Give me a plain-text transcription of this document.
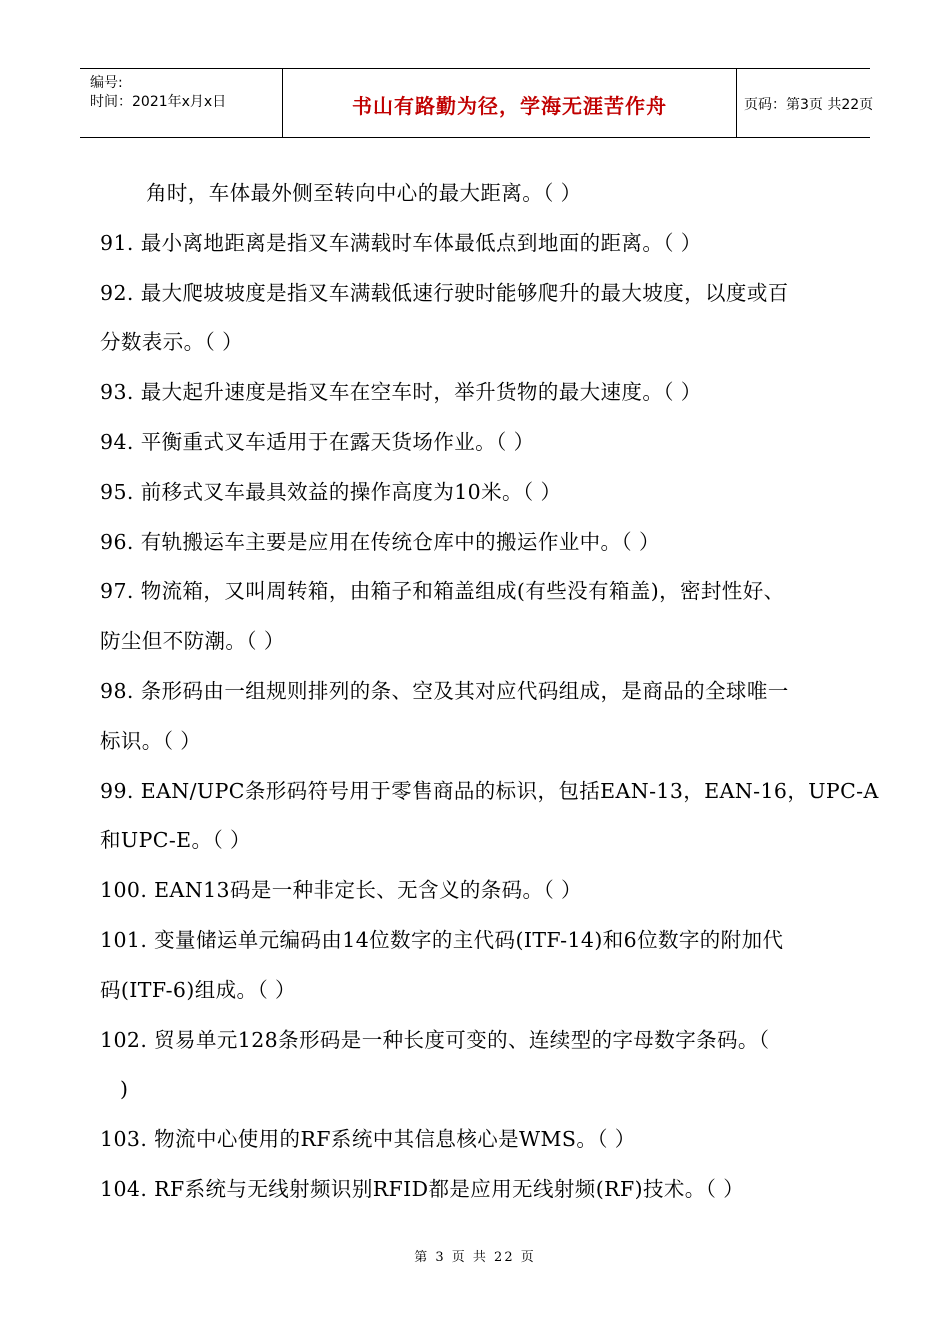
编号:
时间：2021年x月x日	书山有路勤为径，学海无涯苦作舟	页码：第3页 共22页
角时，车体最外侧至转向中心的最大距离。（ ）
91. 最小离地距离是指叉车满载时车体最低点到地面的距离。（ ）
92. 最大爬坡坡度是指叉车满载低速行驶时能够爬升的最大坡度，以度或百
分数表示。（ ）
93. 最大起升速度是指叉车在空车时，举升货物的最大速度。（ ）
94. 平衡重式叉车适用于在露天货场作业。（ ）
95. 前移式叉车最具效益的操作高度为10米。（ ）
96. 有轨搬运车主要是应用在传统仓库中的搬运作业中。（ ）
97. 物流箱，又叫周转箱，由箱子和箱盖组成(有些没有箱盖)，密封性好、
防尘但不防潮。（ ）
98. 条形码由一组规则排列的条、空及其对应代码组成，是商品的全球唯一
标识。（ ）
99. EAN/UPC条形码符号用于零售商品的标识，包括EAN-13，EAN-16，UPC-A
和UPC-E。（ ）
100. EAN13码是一种非定长、无含义的条码。（ ）
101. 变量储运单元编码由14位数字的主代码(ITF-14)和6位数字的附加代
码(ITF-6)组成。（ ）
102. 贸易单元128条形码是一种长度可变的、连续型的字母数字条码。（
)
103. 物流中心使用的RF系统中其信息核心是WMS。（ ）
104. RF系统与无线射频识别RFID都是应用无线射频(RF)技术。（ ）
第 3 页 共 22 页
